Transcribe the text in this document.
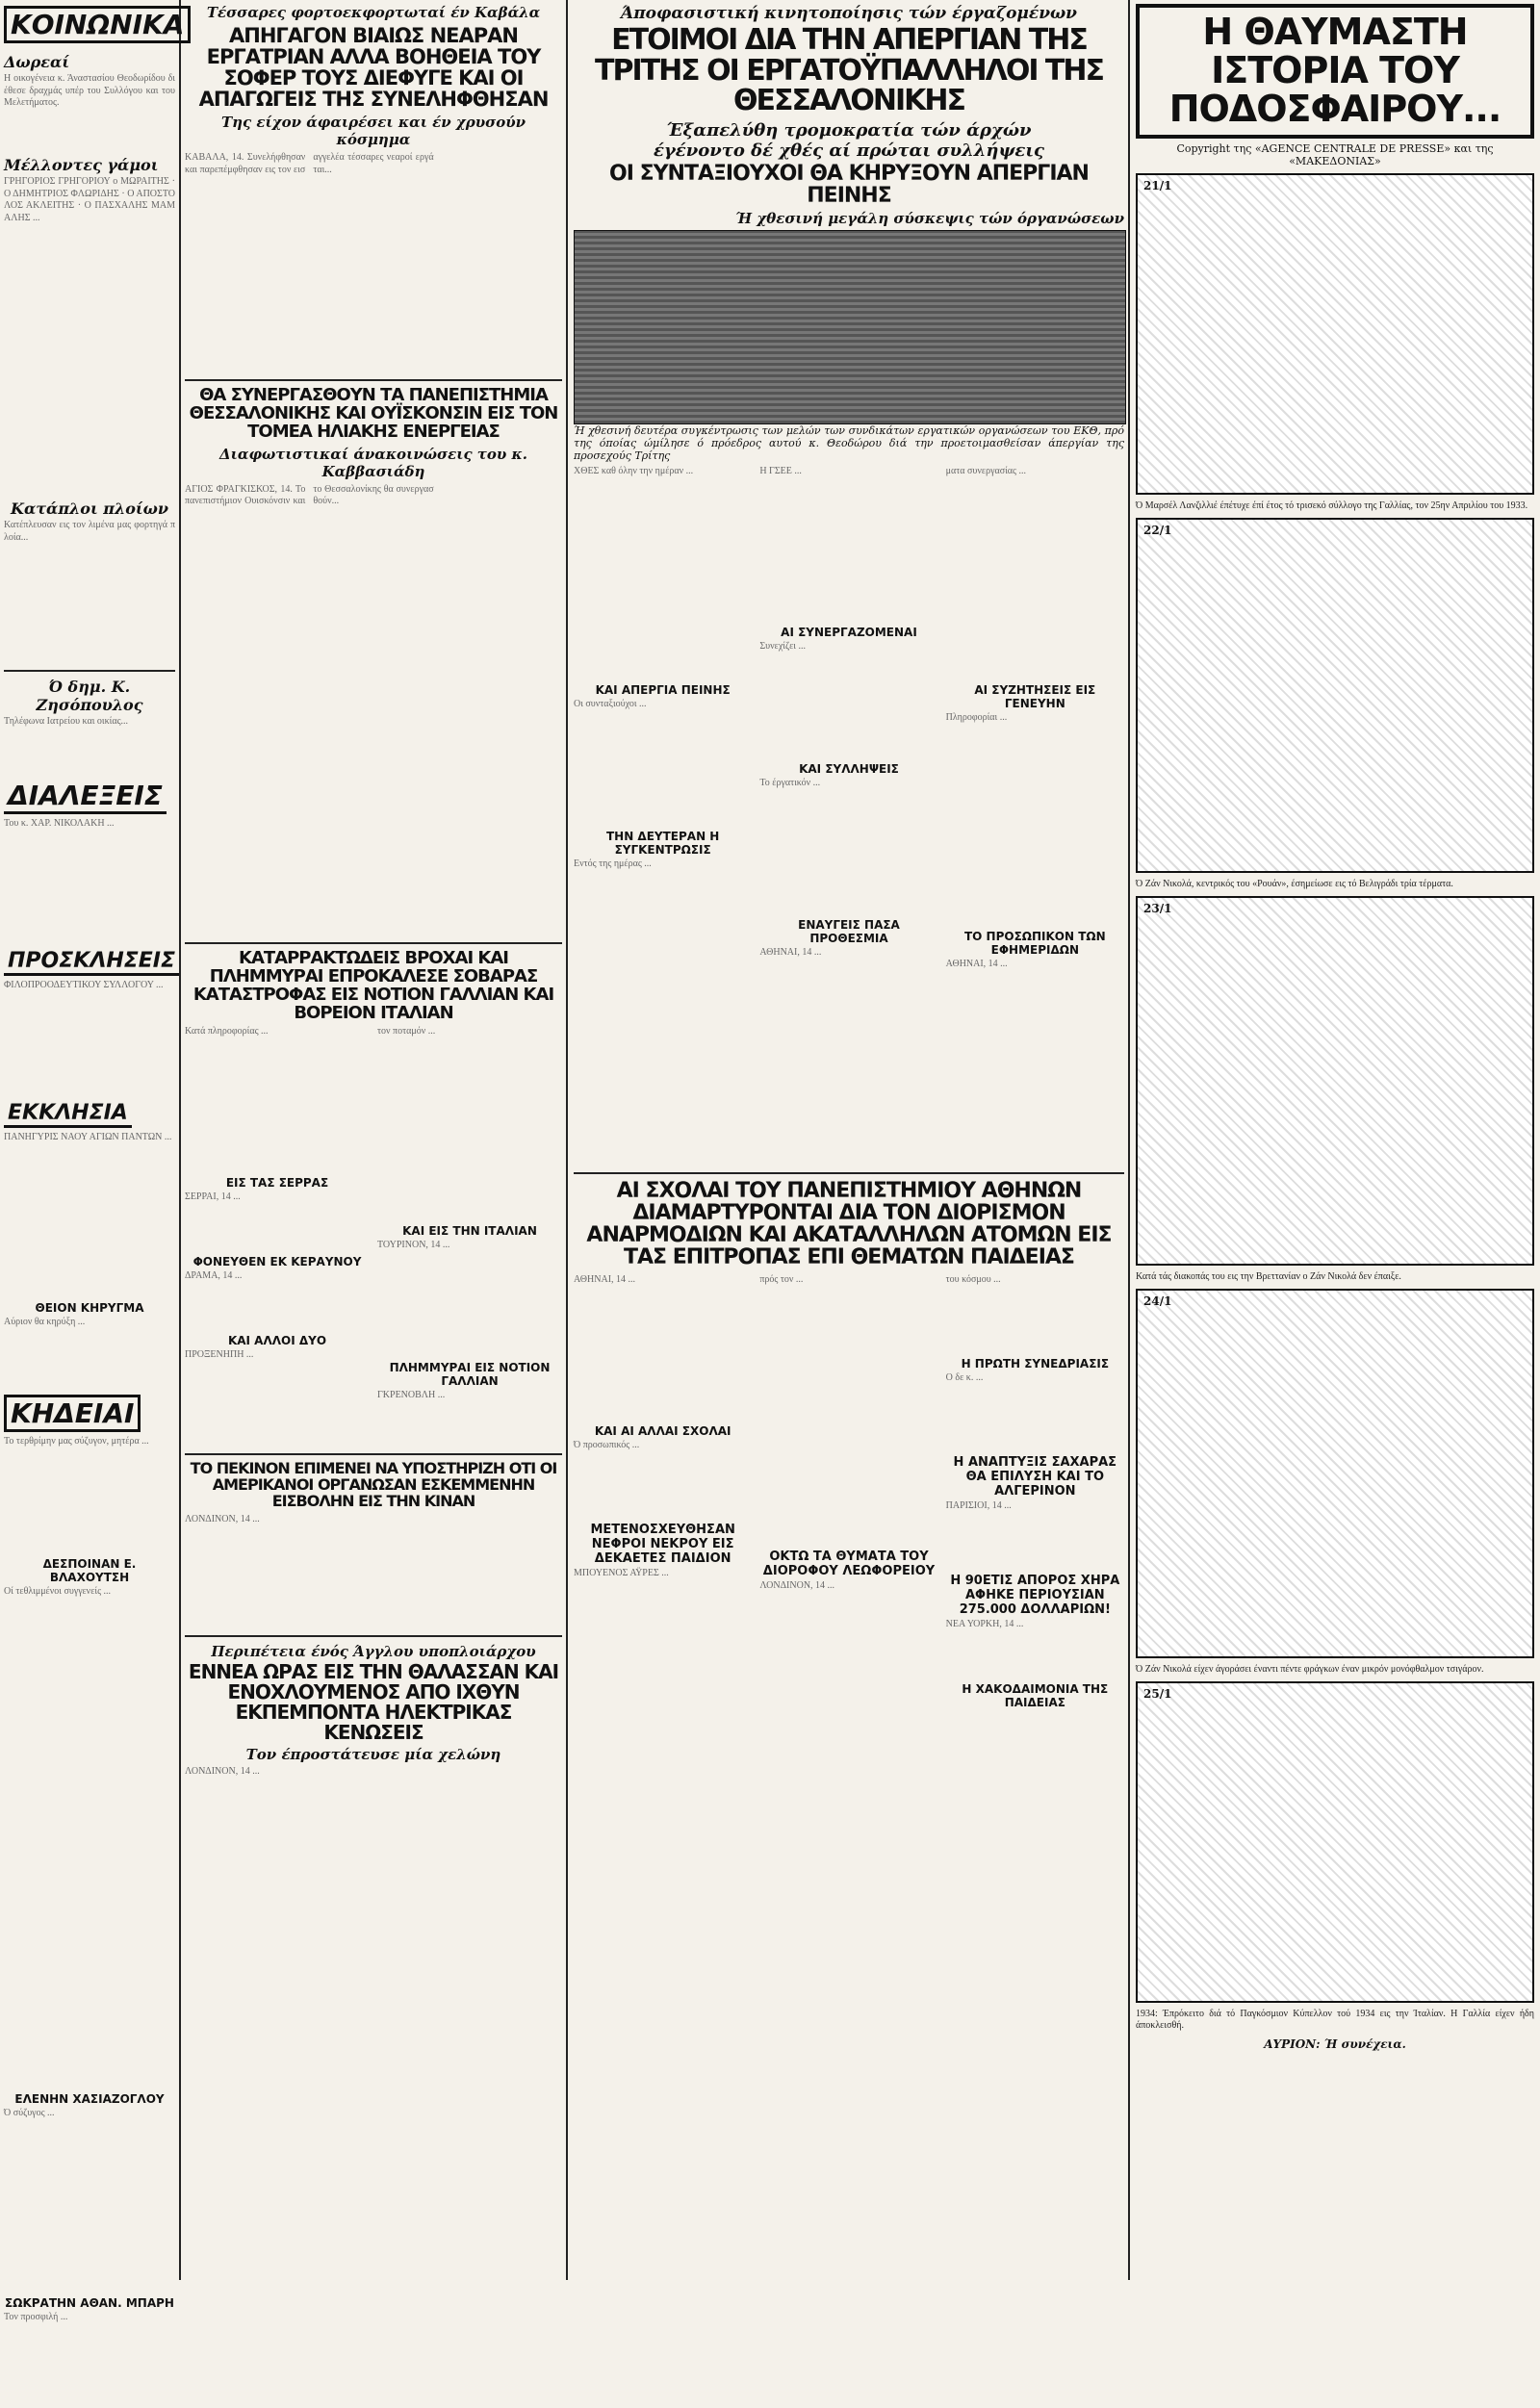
ΚΟΙΝΩΝΙΚΑ
Δωρεαί
Η οικογένεια κ. Άναστασίου Θεοδωρίδου διέθεσε δραχμάς υπέρ του Συλλόγου και του Μελετήματος.
Μέλλοντες γάμοι
ΓΡΗΓΟΡΙΟΣ ΓΡΗΓΟΡΙΟΥ ο ΜΩΡΑΙΤΗΣ · Ο ΔΗΜΗΤΡΙΟΣ ΦΛΩΡΙΔΗΣ · Ο ΑΠΟΣΤΟΛΟΣ ΑΚΛΕΙΤΗΣ · Ο ΠΑΣΧΑΛΗΣ ΜΑΜΑΛΗΣ ...
Κατάπλοι πλοίων
Κατέπλευσαν εις τον λιμένα μας φορτηγά πλοία...
Ό δημ. Κ. Ζησόπουλος
Τηλέφωνα Ιατρείου και οικίας...
ΔΙΑΛΕΞΕΙΣ
Του κ. ΧΑΡ. ΝΙΚΟΛΑΚΗ ...
ΠΡΟΣΚΛΗΣΕΙΣ
ΦΙΛΟΠΡΟΟΔΕΥΤΙΚΟΥ ΣΥΛΛΟΓΟΥ ...
ΕΚΚΛΗΣΙΑ
ΠΑΝΗΓΥΡΙΣ ΝΑΟΥ ΑΓΙΩΝ ΠΑΝΤΩΝ ...
ΘΕΙΟΝ ΚΗΡΥΓΜΑ
Αύριον θα κηρύξη ...
ΚΗΔΕΙΑΙ
Το τερθρίμην μας σύζυγον, μητέρα ...
ΔΕΣΠΟΙΝΑΝ Ε. ΒΛΑΧΟΥΤΣΗ
Οί τεθλιμμένοι συγγενείς ...
ΕΛΕΝΗΝ ΧΑΣΙΑΖΟΓΛΟΥ
Ό σύζυγος ...
ΣΩΚΡΑΤΗΝ ΑΘΑΝ. ΜΠΑΡΗ
Τον προσφιλή ...
Τέσσαρες φορτοεκφορτωταί έν Καβάλα
ΑΠΗΓΑΓΟΝ ΒΙΑΙΩΣ ΝΕΑΡΑΝ ΕΡΓΑΤΡΙΑΝ ΑΛΛΑ ΒΟΗΘΕΙΑ ΤΟΥ ΣΟΦΕΡ ΤΟΥΣ ΔΙΕΦΥΓΕ ΚΑΙ ΟΙ ΑΠΑΓΩΓΕΙΣ ΤΗΣ ΣΥΝΕΛΗΦΘΗΣΑΝ
Της είχον άφαιρέσει και έν χρυσούν κόσμημα
ΚΑΒΑΛΑ, 14. Συνελήφθησαν και παρεπέμφθησαν εις τον εισαγγελέα τέσσαρες νεαροί εργάται...
ΘΑ ΣΥΝΕΡΓΑΣΘΟΥΝ ΤΑ ΠΑΝΕΠΙΣΤΗΜΙΑ ΘΕΣΣΑΛΟΝΙΚΗΣ ΚΑΙ ΟΥΪΣΚΟΝΣΙΝ ΕΙΣ ΤΟΝ ΤΟΜΕΑ ΗΛΙΑΚΗΣ ΕΝΕΡΓΕΙΑΣ
Διαφωτιστικαί άνακοινώσεις του κ. Καββασιάδη
ΑΓΙΟΣ ΦΡΑΓΚΙΣΚΟΣ, 14. Το πανεπιστήμιον Ουισκόνσιν και το Θεσσαλονίκης θα συνεργασθούν...
ΚΑΤΑΡΡΑΚΤΩΔΕΙΣ ΒΡΟΧΑΙ ΚΑΙ ΠΛΗΜΜΥΡΑΙ ΕΠΡΟΚΑΛΕΣΕ ΣΟΒΑΡΑΣ ΚΑΤΑΣΤΡΟΦΑΣ ΕΙΣ ΝΟΤΙΟΝ ΓΑΛΛΙΑΝ ΚΑΙ ΒΟΡΕΙΟΝ ΙΤΑΛΙΑΝ
Κατά πληροφορίας ...
ΕΙΣ ΤΑΣ ΣΕΡΡΑΣ
ΣΕΡΡΑΙ, 14 ...
ΦΟΝΕΥΘΕΝ ΕΚ ΚΕΡΑΥΝΟΥ
ΔΡΑΜΑ, 14 ...
ΚΑΙ ΑΛΛΟΙ ΔΥΟ
ΠΡΟΞΕΝΗΠΗ ...
τον ποταμόν ...
ΚΑΙ ΕΙΣ ΤΗΝ ΙΤΑΛΙΑΝ
ΤΟΥΡΙΝΟΝ, 14 ...
ΠΛΗΜΜΥΡΑΙ ΕΙΣ ΝΟΤΙΟΝ ΓΑΛΛΙΑΝ
ΓΚΡΕΝΟΒΛΗ ...
ΤΟ ΠΕΚΙΝΟΝ ΕΠΙΜΕΝΕΙ ΝΑ ΥΠΟΣΤΗΡΙΖΗ ΟΤΙ ΟΙ ΑΜΕΡΙΚΑΝΟΙ ΟΡΓΑΝΩΣΑΝ ΕΣΚΕΜΜΕΝΗΝ ΕΙΣΒΟΛΗΝ ΕΙΣ ΤΗΝ ΚΙΝΑΝ
ΛΟΝΔΙΝΟΝ, 14 ...
Περιπέτεια ένός Άγγλου υποπλοιάρχου
ΕΝΝΕΑ ΩΡΑΣ ΕΙΣ ΤΗΝ ΘΑΛΑΣΣΑΝ ΚΑΙ ΕΝΟΧΛΟΥΜΕΝΟΣ ΑΠΟ ΙΧΘΥΝ ΕΚΠΕΜΠΟΝΤΑ ΗΛΕΚΤΡΙΚΑΣ ΚΕΝΩΣΕΙΣ
Τον έπροστάτευσε μία χελώνη
ΛΟΝΔΙΝΟΝ, 14 ...
Άποφασιστική κινητοποίησις τών έργαζομένων
ΕΤΟΙΜΟΙ ΔΙΑ ΤΗΝ ΑΠΕΡΓΙΑΝ ΤΗΣ ΤΡΙΤΗΣ ΟΙ ΕΡΓΑΤΟΫΠΑΛΛΗΛΟΙ ΤΗΣ ΘΕΣΣΑΛΟΝΙΚΗΣ
Έξαπελύθη τρομοκρατία τών άρχών
έγένοντο δέ χθές αί πρώται συλλήψεις
ΟΙ ΣΥΝΤΑΞΙΟΥΧΟΙ ΘΑ ΚΗΡΥΞΟΥΝ ΑΠΕΡΓΙΑΝ ΠΕΙΝΗΣ
Ή χθεσινή μεγάλη σύσκεψις τών όργανώσεων
Ή χθεσινή δευτέρα συγκέντρωσις των μελών των συνδικάτων εργατικών οργανώσεων του ΕΚΘ, πρό της όποίας ώμίλησε ό πρόεδρος αυτού κ. Θεοδώρου διά την προετοιμασθείσαν άπεργίαν της προσεχούς Τρίτης
ΧΘΕΣ καθ όλην την ημέραν ...
ΚΑΙ ΑΠΕΡΓΙΑ ΠΕΙΝΗΣ
Οι συνταξιούχοι ...
ΤΗΝ ΔΕΥΤΕΡΑΝ Η ΣΥΓΚΕΝΤΡΩΣΙΣ
Εντός της ημέρας ...
Η ΓΣΕΕ ...
ΑΙ ΣΥΝΕΡΓΑΖΟΜΕΝΑΙ
Συνεχίζει ...
ΚΑΙ ΣΥΛΛΗΨΕΙΣ
Το έργατικόν ...
ΕΝΑΥΓΕΙΣ ΠΑΣΑ ΠΡΟΘΕΣΜΙΑ
ΑΘΗΝΑΙ, 14 ...
ματα συνεργασίας ...
ΑΙ ΣΥΖΗΤΗΣΕΙΣ ΕΙΣ ΓΕΝΕΥΗΝ
Πληροφορίαι ...
ΤΟ ΠΡΟΣΩΠΙΚΟΝ ΤΩΝ ΕΦΗΜΕΡΙΔΩΝ
ΑΘΗΝΑΙ, 14 ...
ΑΙ ΣΧΟΛΑΙ ΤΟΥ ΠΑΝΕΠΙΣΤΗΜΙΟΥ ΑΘΗΝΩΝ ΔΙΑΜΑΡΤΥΡΟΝΤΑΙ ΔΙΑ ΤΟΝ ΔΙΟΡΙΣΜΟΝ ΑΝΑΡΜΟΔΙΩΝ ΚΑΙ ΑΚΑΤΑΛΛΗΛΩΝ ΑΤΟΜΩΝ ΕΙΣ ΤΑΣ ΕΠΙΤΡΟΠΑΣ ΕΠΙ ΘΕΜΑΤΩΝ ΠΑΙΔΕΙΑΣ
ΑΘΗΝΑΙ, 14 ...
ΚΑΙ ΑΙ ΑΛΛΑΙ ΣΧΟΛΑΙ
Ό προσωπικός ...
ΜΕΤΕΝΟΣΧΕΥΘΗΣΑΝ ΝΕΦΡΟΙ ΝΕΚΡΟΥ ΕΙΣ ΔΕΚΑΕΤΕΣ ΠΑΙΔΙΟΝ
ΜΠΟΥΕΝΟΣ ΑΫΡΕΣ ...
πρός τον ...
ΟΚΤΩ ΤΑ ΘΥΜΑΤΑ ΤΟΥ ΔΙΟΡΟΦΟΥ ΛΕΩΦΟΡΕΙΟΥ
ΛΟΝΔΙΝΟΝ, 14 ...
του κόσμου ...
Η ΠΡΩΤΗ ΣΥΝΕΔΡΙΑΣΙΣ
Ο δε κ. ...
Η ΑΝΑΠΤΥΞΙΣ ΣΑΧΑΡΑΣ ΘΑ ΕΠΙΛΥΣΗ ΚΑΙ ΤΟ ΑΛΓΕΡΙΝΟΝ
ΠΑΡΙΣΙΟΙ, 14 ...
Η 90ΕΤΙΣ ΑΠΟΡΟΣ ΧΗΡΑ ΑΦΗΚΕ ΠΕΡΙΟΥΣΙΑΝ 275.000 ΔΟΛΛΑΡΙΩΝ!
ΝΕΑ ΥΟΡΚΗ, 14 ...
Η ΧΑΚΟΔΑΙΜΟΝΙΑ ΤΗΣ ΠΑΙΔΕΙΑΣ
Η ΘΑΥΜΑΣΤΗ ΙΣΤΟΡΙΑ ΤΟΥ ΠΟΔΟΣΦΑΙΡΟΥ...
Copyright της «AGENCE CENTRALE DE PRESSE» και της «ΜΑΚΕΔΟΝΙΑΣ»
21/1
Ό Μαρσέλ Λανζιλλιέ έπέτυχε έπί έτος τό τρισεκό σύλλογο της Γαλλίας, τον 25ην Απριλίου του 1933.
22/1
Ό Ζάν Νικολά, κεντρικός του «Ρουάν», έσημείωσε εις τό Βελιγράδι τρία τέρματα.
23/1
Κατά τάς διακοπάς του εις την Βρεττανίαν ο Ζάν Νικολά δεν έπαιξε.
24/1
Ό Ζάν Νικολά είχεν άγοράσει έναντι πέντε φράγκων έναν μικρόν μονόφθαλμον τσιγάρον.
25/1
1934: Έπρόκειτο διά τό Παγκόσμιον Κύπελλον τού 1934 εις την Ίταλίαν. Η Γαλλία είχεν ήδη άποκλεισθή.
ΑΥΡΙΟΝ: Ή συνέχεια.
